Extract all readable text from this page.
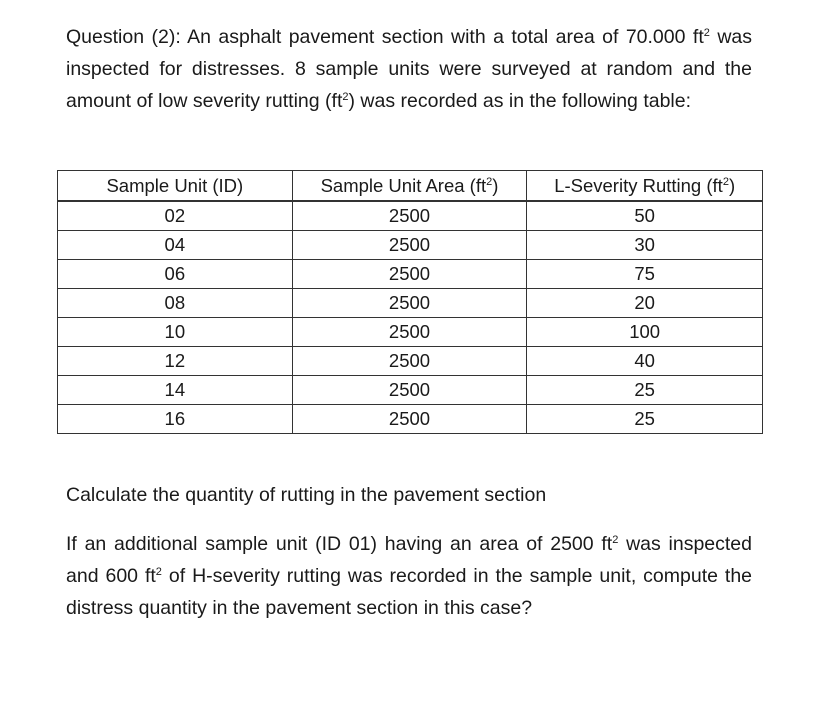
Question (2): An asphalt pavement section with a total area of 70.000 $ft^2$ was inspected for distresses. 8 sample units were surveyed at random and the amount of low severity rutting $(ft^2)$ was recorded as in the following table:

Sample Unit (ID)	Sample Unit Area $(ft^2)$	L-Severity Rutting $(ft^2)$
02	2500	50
04	2500	30
06	2500	75
08	2500	20
10	2500	100
12	2500	40
14	2500	25
16	2500	25

Calculate the quantity of rutting in the pavement section

If an additional sample unit (ID 01) having an area of 2500 $ft^2$ was inspected and 600 $ft^2$ of H-severity rutting was recorded in the sample unit, compute the distress quantity in the pavement section in this case?
